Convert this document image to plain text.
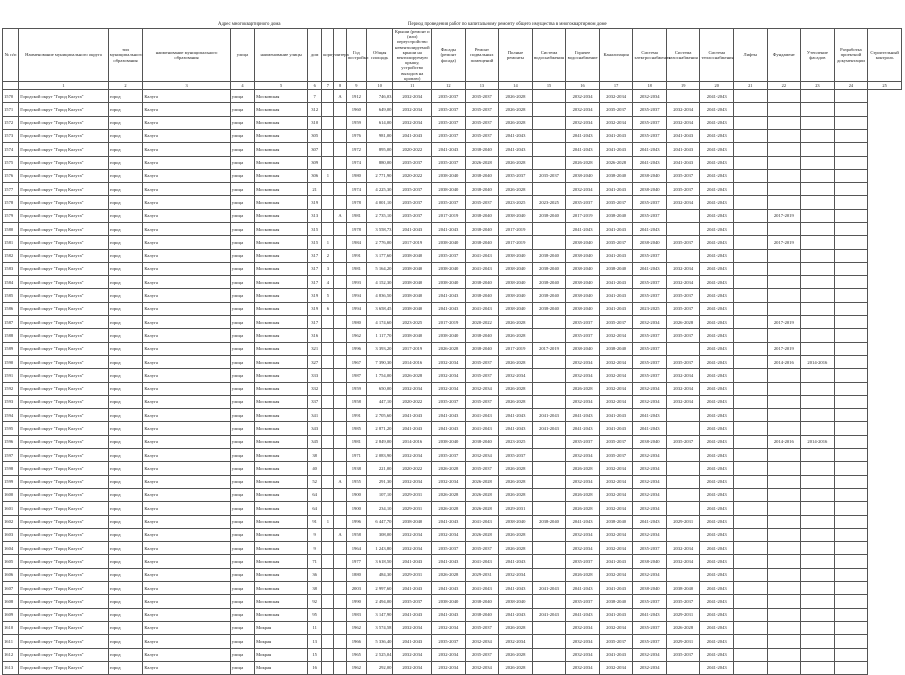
Адрес многоквартирного дома	Период проведения работ по капитальному ремонту общего имущества в многоквартирном доме
№ п/п	Наименование муниципального округа	тип муниципального образования	наименование муниципального образования	улица	наименование улицы	дом	корпус	литера	Год постройки	Общая площадь	Крыши (ремонт и (или) переустройство невентилируемой крыши на вентилируемую крышу, устройство выходов на кровлю)	Фасады (ремонт фасада)	Ремонт подвальных помещений	Полные ремонты	Система водоснабжения	Горячее водоснабжение	Канализация	Система электроснабжения	Система газоснабжения	Система теплоснабжения	Лифты	Фундамент	Утепление фасадов	Разработка проектной документации	Строительный контроль
	1	2	3	4	5	6	7	8	9	10	11	12	13	14	15	16	17	18	19	20	21	22	23	24	25
1570	Городской округ "Город Калуга"	город	Калуга	улица	Московская	7		А	1912	746,03	2032-2034	2035-2037	2035-2037	2026-2028		2032-2034	2032-2034	2032-2034		2041-2043					
1571	Городской округ "Город Калуга"	город	Калуга	улица	Московская	312			1960	649,00	2032-2034	2035-2037	2035-2037	2026-2028		2032-2034	2035-2037	2035-2037	2032-2034	2041-2043					
1572	Городской округ "Город Калуга"	город	Калуга	улица	Московская	310			1959	614,00	2032-2034	2035-2037	2035-2037	2026-2028		2032-2034	2032-2034	2035-2037	2032-2034	2041-2043					
1573	Городской округ "Город Калуга"	город	Калуга	улица	Московская	305			1976	981,00	2041-2043	2035-2037	2035-2037	2041-2043		2041-2043	2041-2043	2035-2037	2041-2043	2041-2043					
1574	Городской округ "Город Калуга"	город	Калуга	улица	Московская	307			1972	895,00	2020-2022	2041-2043	2038-2040	2041-2043		2041-2043	2041-2043	2041-2043	2041-2043	2041-2043					
1575	Городской округ "Город Калуга"	город	Калуга	улица	Московская	309			1974	880,00	2035-2037	2035-2037	2026-2028	2026-2028		2026-2028	2026-2028	2041-2043	2041-2043	2041-2043					
1576	Городской округ "Город Калуга"	город	Калуга	улица	Московская	306	1		1980	2 771,90	2020-2022	2038-2040	2038-2040	2035-2037	2035-2037	2038-2040	2038-2040	2038-2040	2035-2037	2041-2043					
1577	Городской округ "Город Калуга"	город	Калуга	улица	Московская	21			1974	4 225,30	2035-2037	2038-2040	2038-2040	2026-2028		2032-2034	2041-2043	2038-2040	2035-2037	2041-2043					
1578	Городской округ "Город Калуга"	город	Калуга	улица	Московская	319			1978	4 001,10	2035-2037	2035-2037	2035-2037	2023-2025	2023-2025	2035-2037	2035-2037	2035-2037	2032-2034	2041-2043					
1579	Городской округ "Город Калуга"	город	Калуга	улица	Московская	313		А	1981	2 735,10	2035-2037	2017-2019	2038-2040	2038-2040	2038-2040	2017-2019	2038-2040	2035-2037		2041-2043		2017-2019			
1580	Городской округ "Город Калуга"	город	Калуга	улица	Московская	315			1978	3 558,73	2041-2043	2041-2043	2038-2040	2017-2019		2041-2043	2041-2043	2041-2043		2041-2043					
1581	Городской округ "Город Калуга"	город	Калуга	улица	Московская	315	1		1984	2 776,00	2017-2019	2038-2040	2038-2040	2017-2019		2038-2040	2035-2037	2038-2040	2035-2037	2041-2043		2017-2019			
1582	Городской округ "Город Калуга"	город	Калуга	улица	Московская	317	2		1991	3 177,60	2038-2040	2035-2037	2041-2043	2038-2040	2038-2040	2038-2040	2041-2043	2035-2037		2041-2043					
1583	Городской округ "Город Калуга"	город	Калуга	улица	Московская	317	3		1981	5 164,20	2038-2040	2038-2040	2041-2043	2038-2040	2038-2040	2038-2040	2038-2040	2041-2043	2032-2034	2041-2043					
1584	Городской округ "Город Калуга"	город	Калуга	улица	Московская	317	4		1993	4 152,30	2038-2040	2038-2040	2038-2040	2038-2040	2038-2040	2038-2040	2041-2043	2035-2037	2032-2034	2041-2043					
1585	Городской округ "Город Калуга"	город	Калуга	улица	Московская	319	5		1994	4 836,50	2038-2040	2041-2043	2038-2040	2038-2040	2038-2040	2038-2040	2041-2043	2035-2037	2035-2037	2041-2043					
1586	Городской округ "Город Калуга"	город	Калуга	улица	Московская	319	6		1994	3 658,45	2038-2040	2041-2043	2041-2043	2038-2040	2038-2040	2038-2040	2041-2043	2023-2025	2035-2037	2041-2043					
1587	Городской округ "Город Калуга"	город	Калуга	улица	Московская	317			1980	4 174,60	2023-2025	2017-2019	2020-2022	2026-2028		2035-2037	2035-2037	2032-2034	2026-2028	2041-2043		2017-2019			
1588	Городской округ "Город Калуга"	город	Калуга	улица	Московская	316			1962	1 117,70	2038-2040	2038-2040	2038-2040	2026-2028		2035-2037	2032-2034	2035-2037	2035-2037	2041-2043					
1589	Городской округ "Город Калуга"	город	Калуга	улица	Московская	321			1996	3 393,20	2017-2019	2026-2028	2038-2040	2017-2019	2017-2019	2038-2040	2038-2040	2035-2037		2041-2043		2017-2019			
1590	Городской округ "Город Калуга"	город	Калуга	улица	Московская	327			1967	7 390,30	2014-2016	2032-2034	2035-2037	2026-2028		2032-2034	2032-2034	2035-2037	2035-2037	2041-2043		2014-2016	2014-2016		
1591	Городской округ "Город Калуга"	город	Калуга	улица	Московская	333			1987	1 754,00	2026-2028	2032-2034	2035-2037	2032-2034		2032-2034	2032-2034	2035-2037	2032-2034	2041-2043					
1592	Городской округ "Город Калуга"	город	Калуга	улица	Московская	332			1959	650,00	2032-2034	2032-2034	2032-2034	2026-2028		2026-2028	2032-2034	2032-2034	2032-2034	2041-2043					
1593	Городской округ "Город Калуга"	город	Калуга	улица	Московская	337			1958	447,10	2020-2022	2035-2037	2035-2037	2026-2028		2032-2034	2032-2034	2032-2034	2032-2034	2041-2043					
1594	Городской округ "Город Калуга"	город	Калуга	улица	Московская	341			1991	2 705,60	2041-2043	2041-2043	2041-2043	2041-2043	2041-2043	2041-2043	2041-2043	2041-2043		2041-2043					
1595	Городской округ "Город Калуга"	город	Калуга	улица	Московская	343			1985	2 871,20	2041-2043	2041-2043	2041-2043	2041-2043	2041-2043	2041-2043	2041-2043	2041-2043		2041-2043					
1596	Городской округ "Город Калуга"	город	Калуга	улица	Московская	345			1981	2 849,00	2014-2016	2038-2040	2038-2040	2023-2025		2035-2037	2035-2037	2038-2040	2035-2037	2041-2043		2014-2016	2014-2016		
1597	Городской округ "Город Калуга"	город	Калуга	улица	Московская	38			1971	2 083,90	2032-2034	2035-2037	2032-2034	2035-2037		2032-2034	2035-2037	2032-2034		2041-2043					
1598	Городской округ "Город Калуга"	город	Калуга	улица	Московская	40			1938	221,00	2020-2022	2026-2028	2035-2037	2026-2028		2026-2028	2032-2034	2032-2034		2041-2043					
1599	Городской округ "Город Калуга"	город	Калуга	улица	Московская	52		А	1955	291,30	2032-2034	2032-2034	2026-2028	2026-2028		2032-2034	2032-2034	2032-2034		2041-2043					
1600	Городской округ "Город Калуга"	город	Калуга	улица	Московская	64			1900	107,10	2029-2031	2026-2028	2026-2028	2026-2028		2026-2028	2032-2034	2032-2034		2041-2043					
1601	Городской округ "Город Калуга"	город	Калуга	улица	Московская	64			1900	234,10	2029-2031	2026-2028	2026-2028	2029-2031		2026-2028	2032-2034	2032-2034		2041-2043					
1602	Городской округ "Город Калуга"	город	Калуга	улица	Московская	91	1		1996	6 447,70	2038-2040	2041-2043	2041-2043	2038-2040	2038-2040	2041-2043	2038-2040	2041-2043	2029-2031	2041-2043					
1603	Городской округ "Город Калуга"	город	Калуга	улица	Московская	9		А	1958	308,00	2032-2034	2032-2034	2026-2028	2026-2028		2032-2034	2032-2034	2032-2034		2041-2043					
1604	Городской округ "Город Калуга"	город	Калуга	улица	Московская	9			1964	1 243,80	2032-2034	2035-2037	2035-2037	2026-2028		2032-2034	2032-2034	2035-2037	2032-2034	2041-2043					
1605	Городской округ "Город Калуга"	город	Калуга	улица	Московская	71			1977	3 618,50	2041-2043	2041-2043	2041-2043	2041-2043		2035-2037	2041-2043	2038-2040	2032-2034	2041-2043					
1606	Городской округ "Город Калуга"	город	Калуга	улица	Московская	36			1880	484,30	2029-2031	2026-2028	2029-2031	2032-2034		2026-2028	2032-2034	2032-2034		2041-2043					
1607	Городской округ "Город Калуга"	город	Калуга	улица	Московская	38			2003	2 997,60	2041-2043	2041-2043	2041-2043	2041-2043	2041-2043	2041-2043	2041-2043	2038-2040	2038-2040	2041-2043					
1608	Городской округ "Город Калуга"	город	Калуга	улица	Московская	92			1990	2 494,00	2035-2037	2038-2040	2038-2040	2038-2040		2035-2037	2038-2040	2035-2037	2035-2037	2041-2043					
1609	Городской округ "Город Калуга"	город	Калуга	улица	Московская	95			1983	3 147,90	2041-2043	2041-2043	2038-2040	2041-2043	2041-2043	2041-2043	2041-2043	2041-2043	2029-2031	2041-2043					
1610	Городской округ "Город Калуга"	город	Калуга	улица	Мокрая	11			1962	3 574,58	2032-2034	2032-2034	2035-2037	2026-2028		2032-2034	2032-2034	2035-2037	2026-2028	2041-2043					
1611	Городской округ "Город Калуга"	город	Калуга	улица	Мокрая	13			1966	5 336,40	2041-2043	2035-2037	2032-2034	2032-2034		2032-2034	2035-2037	2035-2037	2029-2031	2041-2043					
1612	Городской округ "Город Калуга"	город	Калуга	улица	Мокрая	15			1965	2 525,04	2032-2034	2032-2034	2035-2037	2026-2028		2032-2034	2041-2043	2032-2034	2035-2037	2041-2043					
1613	Городской округ "Город Калуга"	город	Калуга	улица	Мокрая	16			1962	292,00	2032-2034	2032-2034	2032-2034	2026-2028		2032-2034	2032-2034	2032-2034		2041-2043					
